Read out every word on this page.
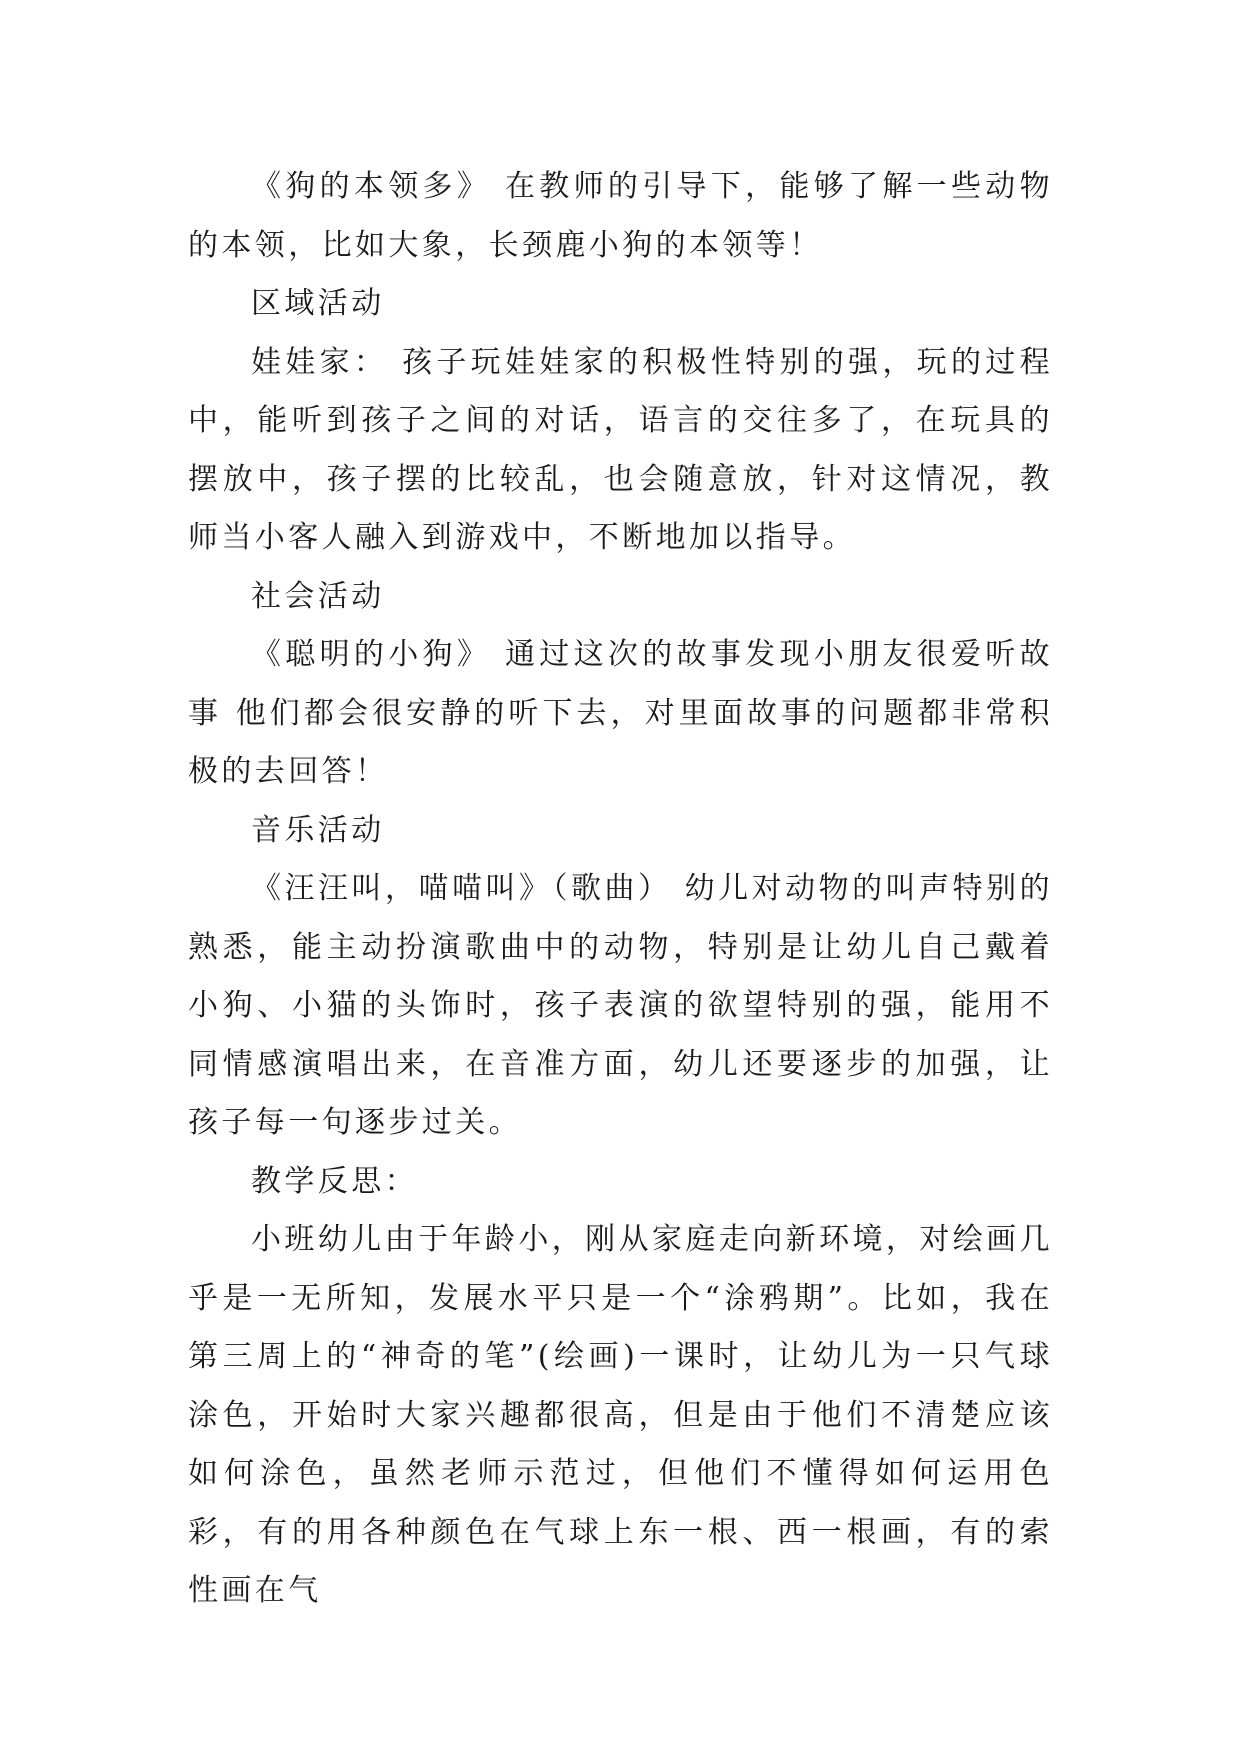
《狗的本领多》 在教师的引导下，能够了解一些动物的本领，比如大象，长颈鹿小狗的本领等！

区域活动

娃娃家： 孩子玩娃娃家的积极性特别的强，玩的过程中，能听到孩子之间的对话，语言的交往多了，在玩具的摆放中，孩子摆的比较乱，也会随意放，针对这情况，教师当小客人融入到游戏中，不断地加以指导。

社会活动

《聪明的小狗》 通过这次的故事发现小朋友很爱听故事 他们都会很安静的听下去，对里面故事的问题都非常积极的去回答！

音乐活动

《汪汪叫，喵喵叫》（歌曲） 幼儿对动物的叫声特别的熟悉，能主动扮演歌曲中的动物，特别是让幼儿自己戴着小狗、小猫的头饰时，孩子表演的欲望特别的强，能用不同情感演唱出来，在音准方面，幼儿还要逐步的加强，让孩子每一句逐步过关。

教学反思：

小班幼儿由于年龄小，刚从家庭走向新环境，对绘画几乎是一无所知，发展水平只是一个“涂鸦期”。比如，我在第三周上的“神奇的笔”(绘画)一课时，让幼儿为一只气球涂色，开始时大家兴趣都很高，但是由于他们不清楚应该如何涂色，虽然老师示范过，但他们不懂得如何运用色彩，有的用各种颜色在气球上东一根、西一根画，有的索性画在气
